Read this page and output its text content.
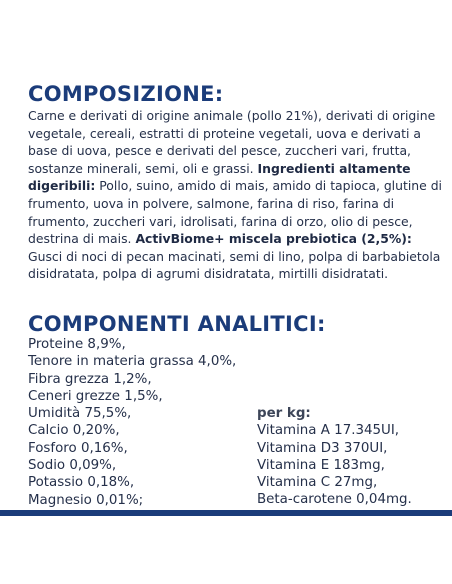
COMPOSIZIONE:

Carne e derivati di origine animale (pollo 21%), derivati di origine vegetale, cereali, estratti di proteine vegetali, uova e derivati a base di uova, pesce e derivati del pesce, zuccheri vari, frutta, sostanze minerali, semi, oli e grassi. Ingredienti altamente digeribili: Pollo, suino, amido di mais, amido di tapioca, glutine di frumento, uova in polvere, salmone, farina di riso, farina di frumento, zuccheri vari, idrolisati, farina di orzo, olio di pesce, destrina di mais. ActivBiome+ miscela prebiotica (2,5%): Gusci di noci di pecan macinati, semi di lino, polpa di barbabietola disidratata, polpa di agrumi disidratata, mirtilli disidratati.

COMPONENTI ANALITICI:
Proteine 8,9%,
Tenore in materia grassa 4,0%,
Fibra grezza 1,2%,
Ceneri grezze 1,5%,
Umidità 75,5%,
Calcio 0,20%,
Fosforo 0,16%,
Sodio 0,09%,
Potassio 0,18%,
Magnesio 0,01%;
per kg:
Vitamina A 17.345UI,
Vitamina D3 370UI,
Vitamina E 183mg,
Vitamina C 27mg,
Beta-carotene 0,04mg.
